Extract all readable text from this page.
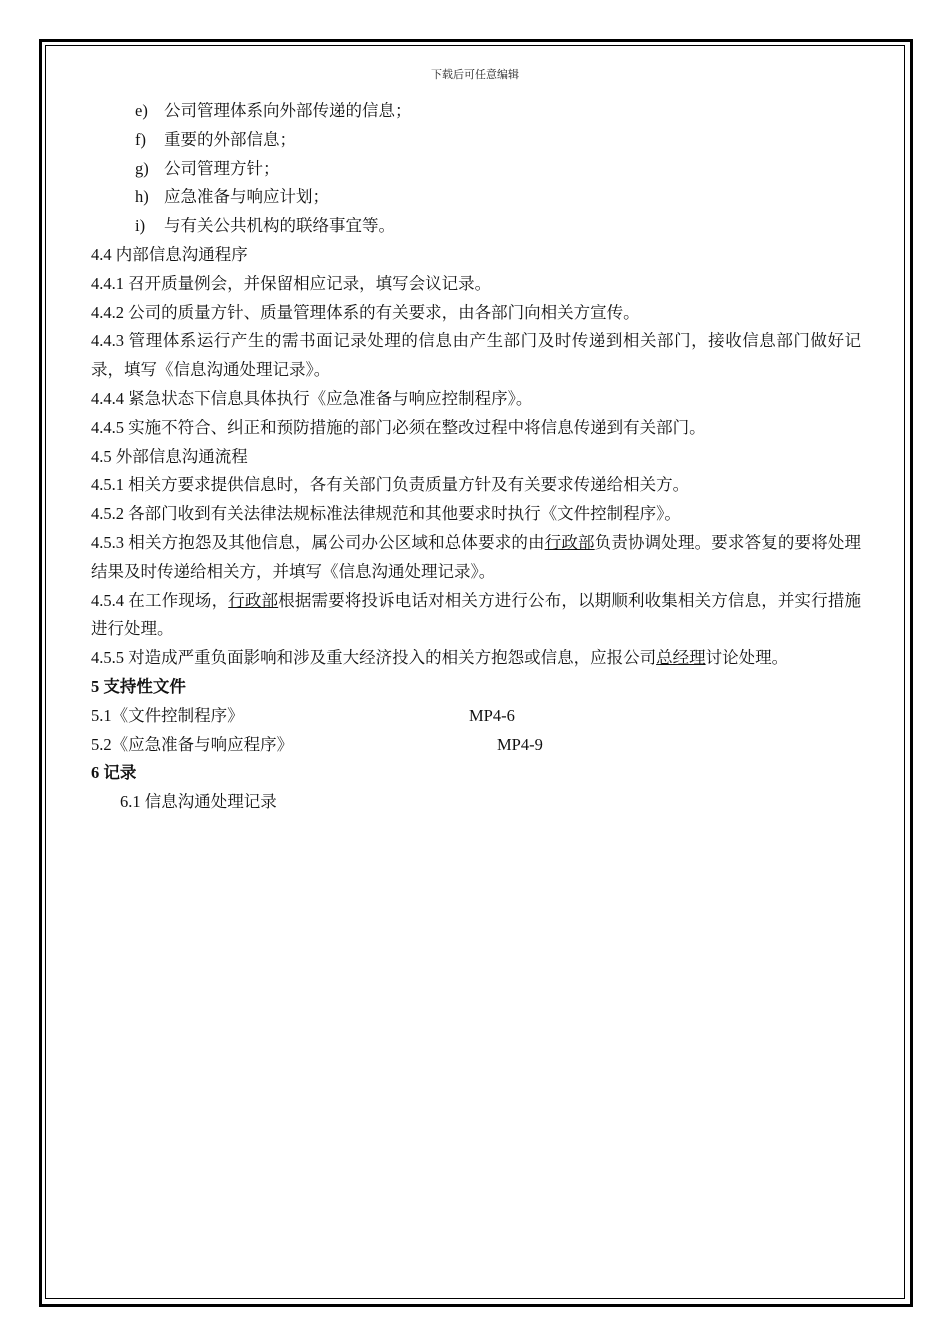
下载后可任意编辑
e) 公司管理体系向外部传递的信息；
f) 重要的外部信息；
g) 公司管理方针；
h) 应急准备与响应计划；
i) 与有关公共机构的联络事宜等。
4.4 内部信息沟通程序
4.4.1 召开质量例会，并保留相应记录，填写会议记录。
4.4.2 公司的质量方针、质量管理体系的有关要求，由各部门向相关方宣传。
4.4.3 管理体系运行产生的需书面记录处理的信息由产生部门及时传递到相关部门，接收信息部门做好记录，填写《信息沟通处理记录》。
4.4.4 紧急状态下信息具体执行《应急准备与响应控制程序》。
4.4.5 实施不符合、纠正和预防措施的部门必须在整改过程中将信息传递到有关部门。
4.5 外部信息沟通流程
4.5.1 相关方要求提供信息时，各有关部门负责质量方针及有关要求传递给相关方。
4.5.2 各部门收到有关法律法规标准法律规范和其他要求时执行《文件控制程序》。
4.5.3 相关方抱怨及其他信息，属公司办公区域和总体要求的由行政部负责协调处理。要求答复的要将处理结果及时传递给相关方，并填写《信息沟通处理记录》。
4.5.4 在工作现场，行政部根据需要将投诉电话对相关方进行公布，以期顺利收集相关方信息，并实行措施进行处理。
4.5.5 对造成严重负面影响和涉及重大经济投入的相关方抱怨或信息，应报公司总经理讨论处理。
5 支持性文件
5.1《文件控制程序》	MP4-6
5.2《应急准备与响应程序》	MP4-9
6 记录
6.1 信息沟通处理记录
